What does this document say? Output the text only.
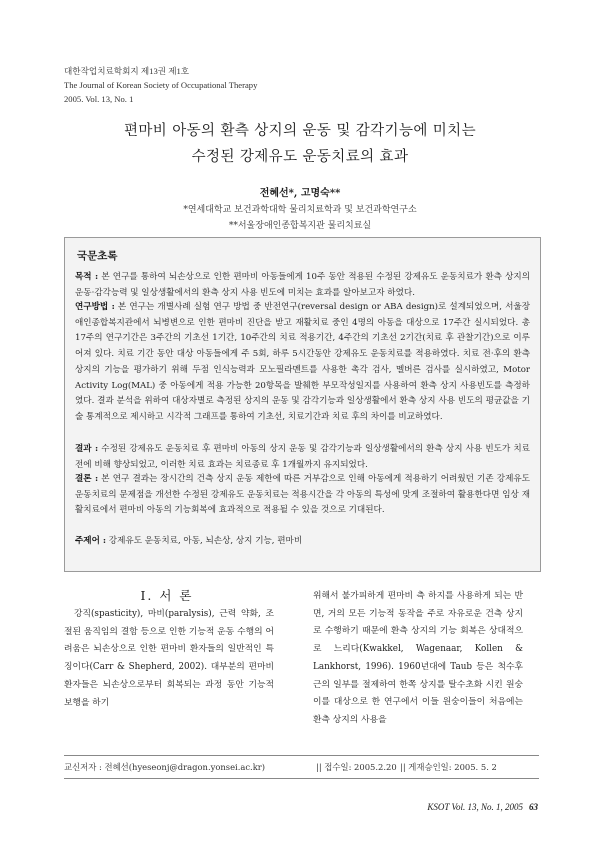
대한작업치료학회지 제13권 제1호
The Journal of Korean Society of Occupational Therapy
2005. Vol. 13, No. 1
편마비 아동의 환측 상지의 운동 및 감각기능에 미치는
수정된 강제유도 운동치료의 효과
전혜선*, 고명숙**
*연세대학교 보건과학대학 물리치료학과 및 보건과학연구소
**서울장애인종합복지관 물리치료실
국문초록
목적 : 본 연구를 통하여 뇌손상으로 인한 편마비 아동들에게 10주 동안 적용된 수정된 강제유도 운동치료가 환측 상지의 운동·감각능력 및 일상생활에서의 환측 상지 사용 빈도에 미치는 효과를 알아보고자 하였다.
연구방법 : 본 연구는 개별사례 실험 연구 방법 중 반전연구(reversal design or ABA design)로 설계되었으며, 서울장애인종합복지관에서 뇌병변으로 인한 편마비 진단을 받고 재활치료 중인 4명의 아동을 대상으로 17주간 실시되었다. 총 17주의 연구기간은 3주간의 기초선 1기간, 10주간의 치료 적용기간, 4주간의 기초선 2기간(치료 후 관찰기간)으로 이루어져 있다. 치료 기간 동안 대상 아동들에게 주 5회, 하루 5시간동안 강제유도 운동치료를 적용하였다. 치료 전·후의 환측 상지의 기능을 평가하기 위해 두점 인식능력과 모노필라멘트를 사용한 촉각 검사, 멜버른 검사를 실시하였고, Motor Activity Log(MAL) 중 아동에게 적용 가능한 20항목을 발췌한 부모작성일지를 사용하여 환측 상지 사용빈도를 측정하였다. 결과 분석을 위하여 대상자별로 측정된 상지의 운동 및 감각기능과 일상생활에서 환측 상지 사용 빈도의 평균값을 기술 통계적으로 제시하고 시각적 그래프를 통하여 기초선, 치료기간과 치료 후의 차이를 비교하였다.
결과 : 수정된 강제유도 운동치료 후 편마비 아동의 상지 운동 및 감각기능과 일상생활에서의 환측 상지 사용 빈도가 치료 전에 비해 향상되었고, 이러한 치료 효과는 치료종료 후 1개월까지 유지되었다.
결론 : 본 연구 결과는 장시간의 건측 상지 운동 제한에 따른 거부감으로 인해 아동에게 적용하기 어려웠던 기존 강제유도 운동치료의 문제점을 개선한 수정된 강제유도 운동치료는 적용시간을 각 아동의 특성에 맞게 조절하여 활용한다면 임상 재활치료에서 편마비 아동의 기능회복에 효과적으로 적용될 수 있을 것으로 기대된다.
주제어 : 강제유도 운동치료, 아동, 뇌손상, 상지 기능, 편마비
Ⅰ. 서 론
강직(spasticity), 마비(paralysis), 근력 약화, 조절된 움직임의 결함 등으로 인한 기능적 운동 수행의 어려움은 뇌손상으로 인한 편마비 환자들의 일반적인 특징이다(Carr & Shepherd, 2002). 대부분의 편마비 환자들은 뇌손상으로부터 회복되는 과정 동안 기능적 보행을 하기
위해서 불가피하게 편마비 측 하지를 사용하게 되는 반면, 거의 모든 기능적 동작을 주로 자유로운 건측 상지로 수행하기 때문에 환측 상지의 기능 회복은 상대적으로 느리다(Kwakkel, Wagenaar, Kollen & Lankhorst, 1996). 1960년대에 Taub 등은 척수후근의 일부를 절제하여 한쪽 상지를 탈수초화 시킨 원숭이를 대상으로 한 연구에서 이들 원숭이들이 처음에는 환측 상지의 사용을
교신저자 : 전혜선(hyeseonj@dragon.yonsei.ac.kr)	|| 접수일: 2005.2.20 || 게재승인일: 2005. 5. 2
KSOT Vol. 13, No. 1, 2005 63
